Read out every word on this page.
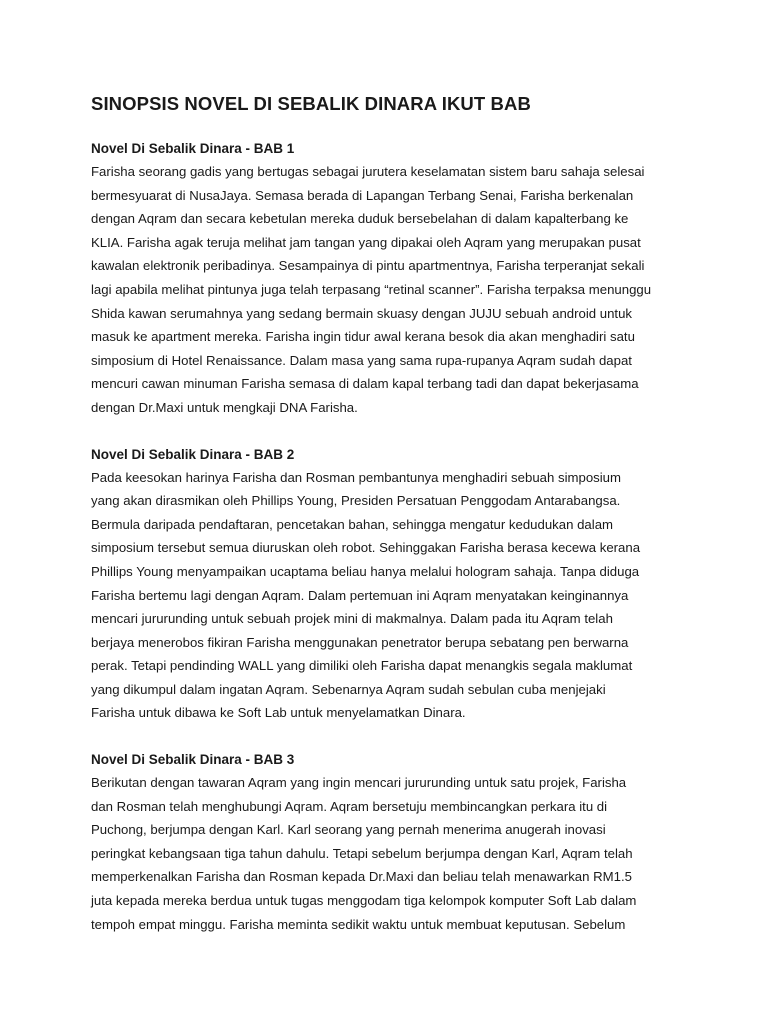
SINOPSIS NOVEL DI SEBALIK DINARA IKUT BAB
Novel Di Sebalik Dinara - BAB 1
Farisha seorang gadis yang bertugas sebagai jurutera keselamatan sistem baru sahaja selesai
bermesyuarat di NusaJaya. Semasa berada di Lapangan Terbang Senai, Farisha berkenalan
dengan Aqram dan secara kebetulan mereka duduk bersebelahan di dalam kapalterbang ke
KLIA. Farisha agak teruja melihat jam tangan yang dipakai oleh Aqram yang merupakan pusat
kawalan elektronik peribadinya. Sesampainya di pintu apartmentnya, Farisha terperanjat sekali
lagi apabila melihat pintunya juga telah terpasang “retinal scanner”. Farisha terpaksa menunggu
Shida kawan serumahnya yang sedang bermain skuasy dengan JUJU sebuah android untuk
masuk ke apartment mereka. Farisha ingin tidur awal kerana besok dia akan menghadiri satu
simposium di Hotel Renaissance. Dalam masa yang sama rupa-rupanya Aqram sudah dapat
mencuri cawan minuman Farisha semasa di dalam kapal terbang tadi dan dapat bekerjasama
dengan Dr.Maxi untuk mengkaji DNA Farisha.
Novel Di Sebalik Dinara - BAB 2
Pada keesokan harinya Farisha dan Rosman pembantunya menghadiri sebuah simposium
yang akan dirasmikan oleh Phillips Young, Presiden Persatuan Penggodam Antarabangsa.
Bermula daripada pendaftaran, pencetakan bahan, sehingga mengatur kedudukan dalam
simposium tersebut semua diuruskan oleh robot. Sehinggakan Farisha berasa kecewa kerana
Phillips Young menyampaikan ucaptama beliau hanya melalui hologram sahaja. Tanpa diduga
Farisha bertemu lagi dengan Aqram. Dalam pertemuan ini Aqram menyatakan keinginannya
mencari jururunding untuk sebuah projek mini di makmalnya. Dalam pada itu Aqram telah
berjaya menerobos fikiran Farisha menggunakan penetrator berupa sebatang pen berwarna
perak. Tetapi pendinding WALL yang dimiliki oleh Farisha dapat menangkis segala maklumat
yang dikumpul dalam ingatan Aqram. Sebenarnya Aqram sudah sebulan cuba menjejaki
Farisha untuk dibawa ke Soft Lab untuk menyelamatkan Dinara.
Novel Di Sebalik Dinara - BAB 3
Berikutan dengan tawaran Aqram yang ingin mencari jururunding untuk satu projek, Farisha
dan Rosman telah menghubungi Aqram. Aqram bersetuju membincangkan perkara itu di
Puchong, berjumpa dengan Karl. Karl seorang yang pernah menerima anugerah inovasi
peringkat kebangsaan tiga tahun dahulu. Tetapi sebelum berjumpa dengan Karl, Aqram telah
memperkenalkan Farisha dan Rosman kepada Dr.Maxi dan beliau telah menawarkan RM1.5
juta kepada mereka berdua untuk tugas menggodam tiga kelompok komputer Soft Lab dalam
tempoh empat minggu. Farisha meminta sedikit waktu untuk membuat keputusan. Sebelum
